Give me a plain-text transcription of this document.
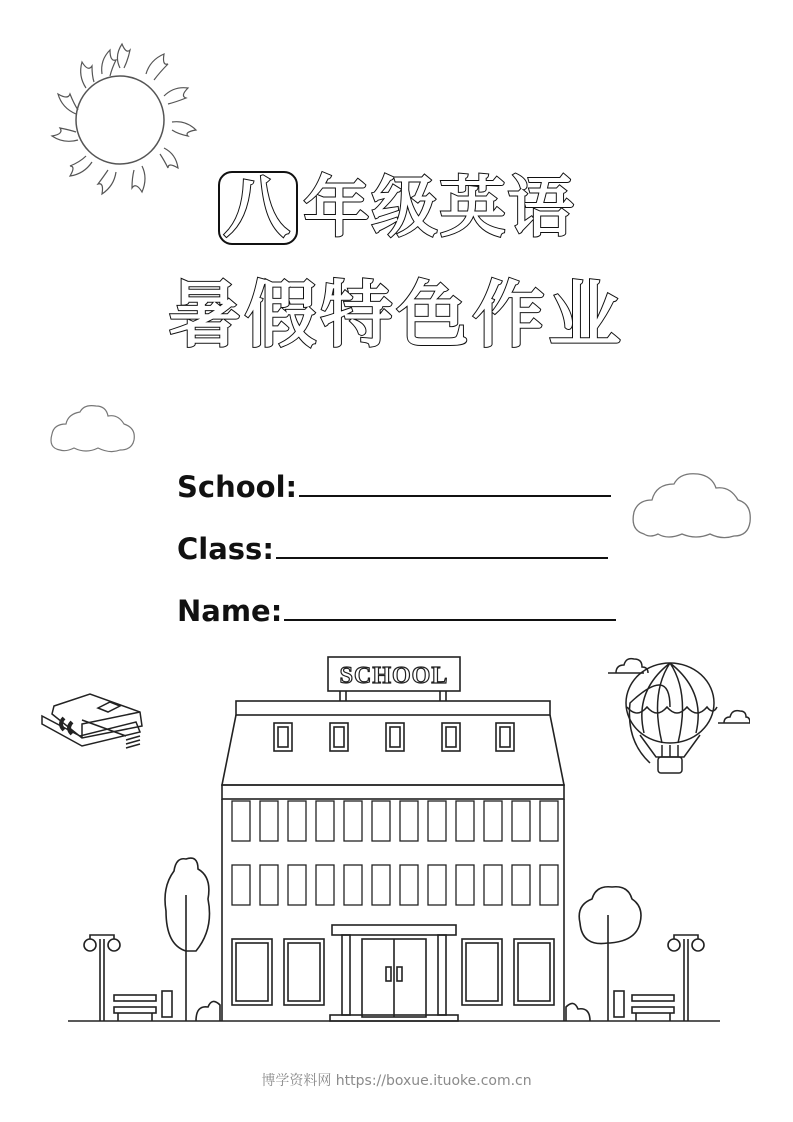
八 年级英语
暑假特色作业
School:
Class:
Name:
SCHOOL
博学资料网 https://boxue.ituoke.com.cn
